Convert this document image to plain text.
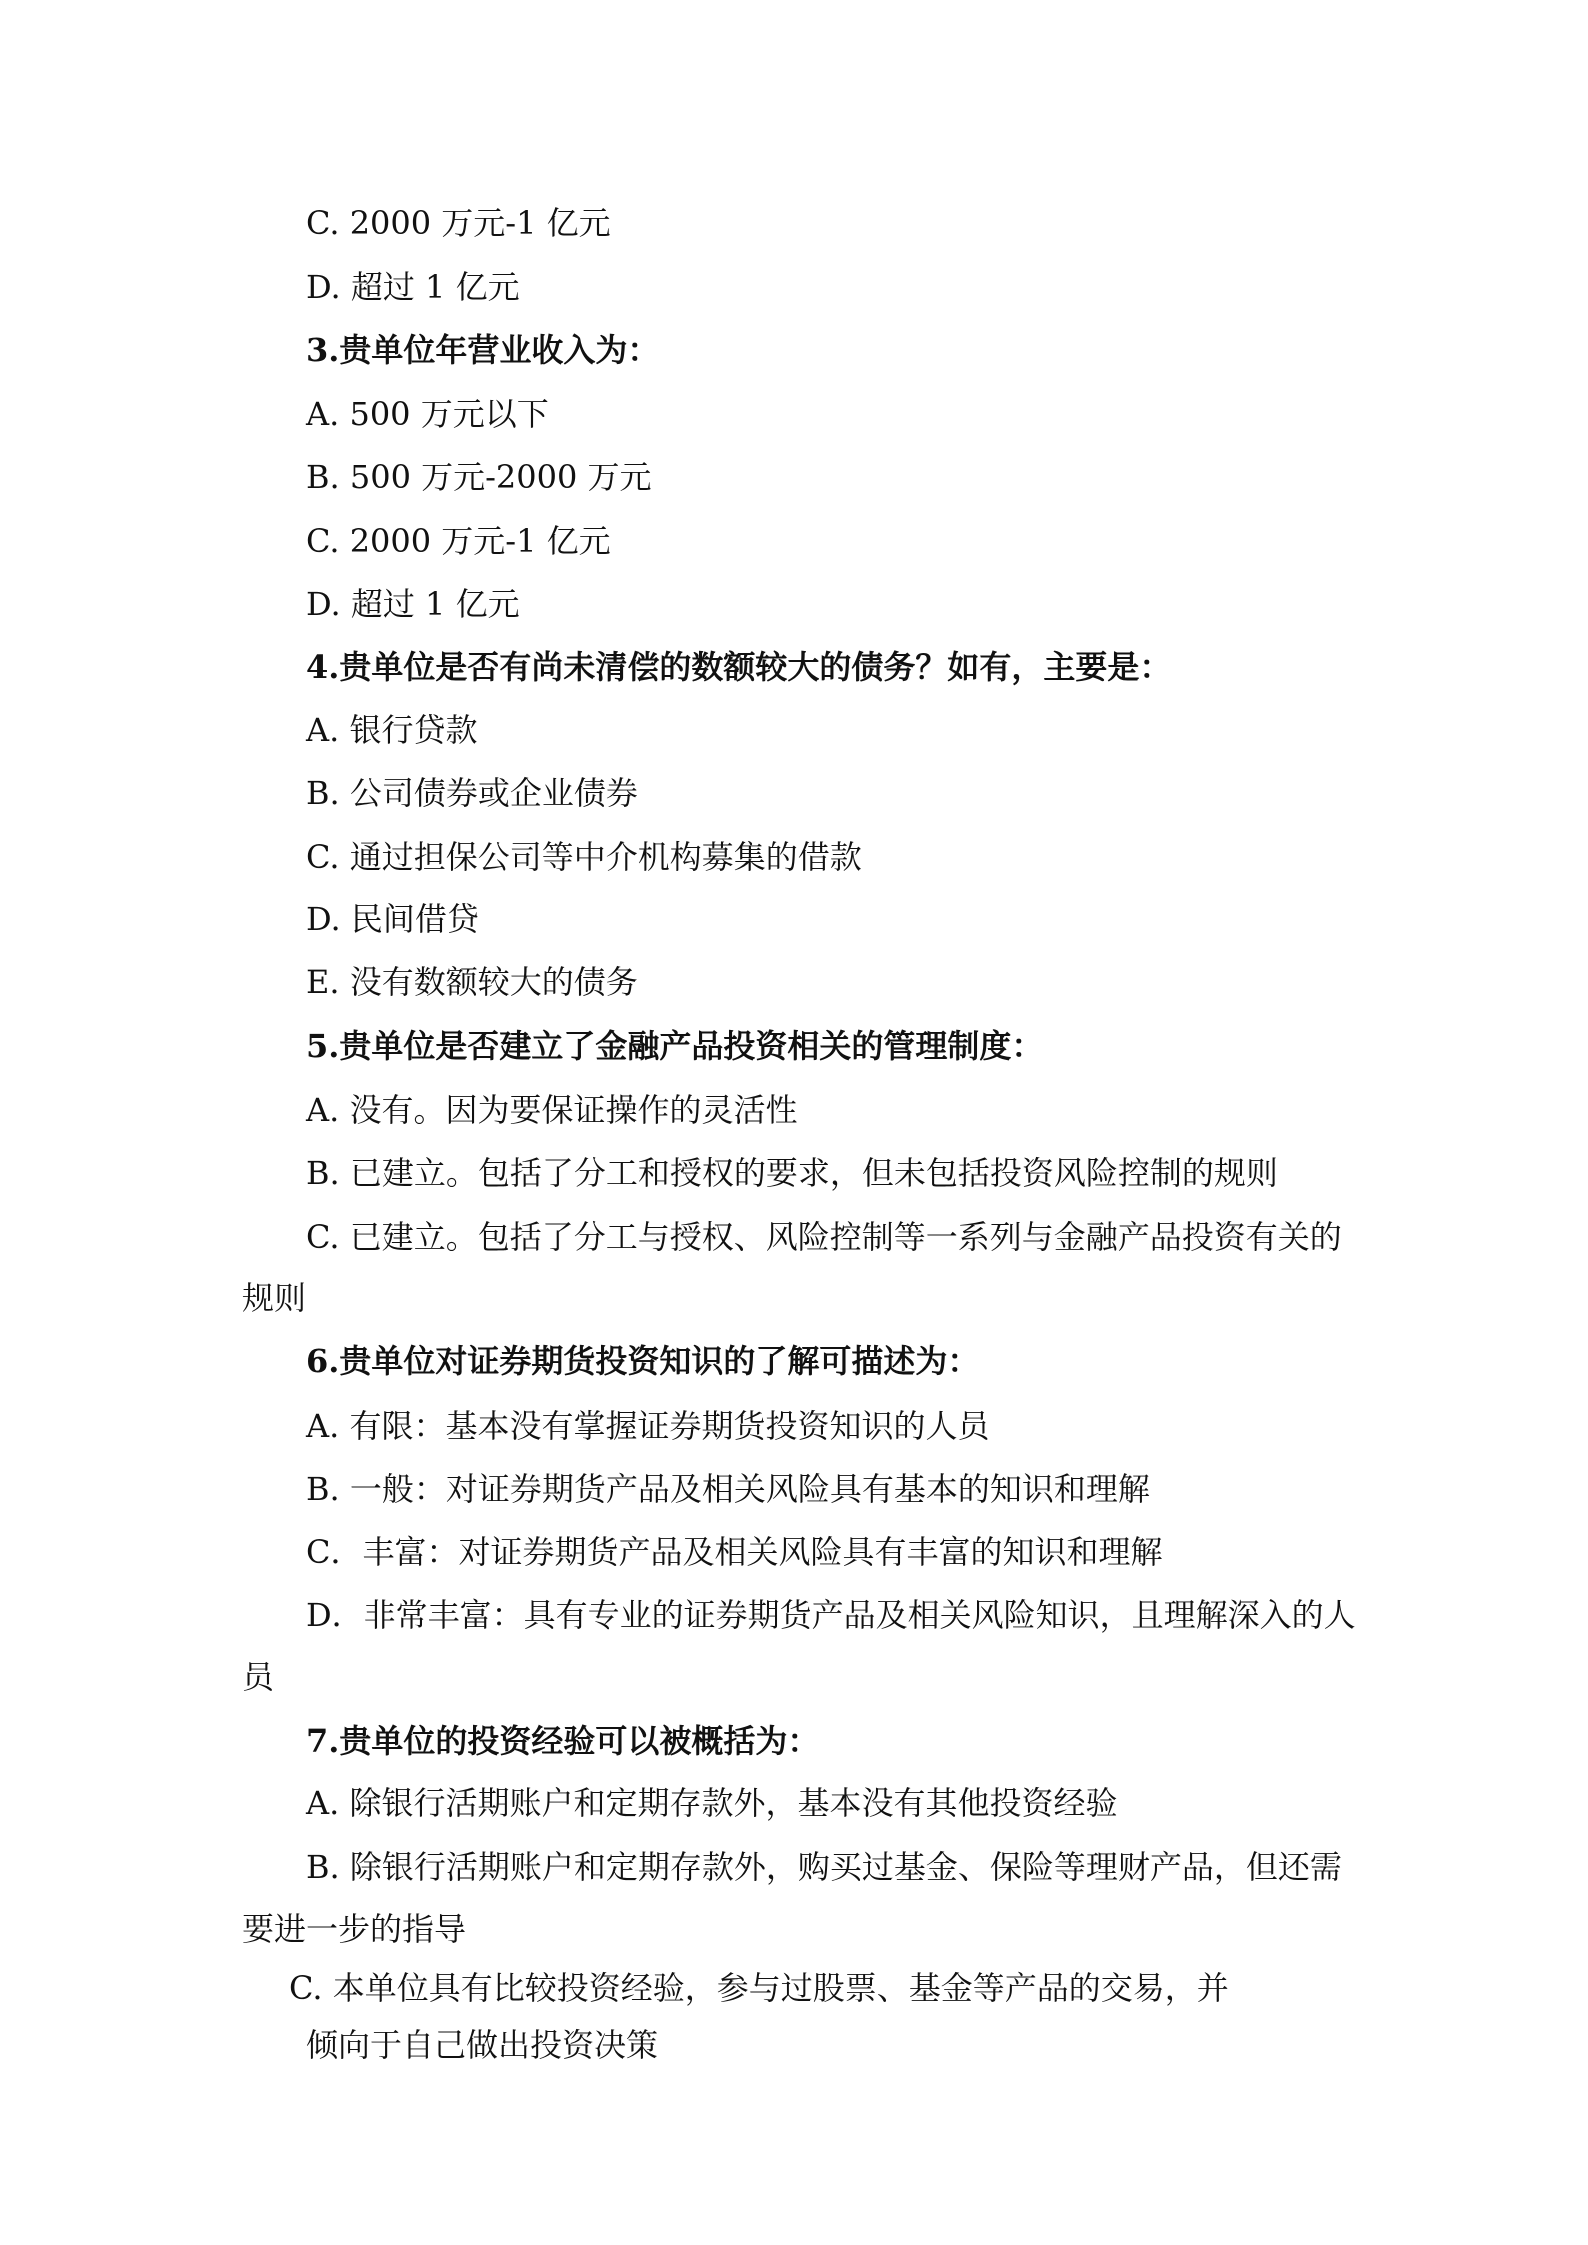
C. 2000 万元-1 亿元
D. 超过 1 亿元
3.贵单位年营业收入为：
A. 500 万元以下
B. 500 万元-2000 万元
C. 2000 万元-1 亿元
D. 超过 1 亿元
4.贵单位是否有尚未清偿的数额较大的债务？如有，主要是：
A. 银行贷款
B. 公司债券或企业债券
C. 通过担保公司等中介机构募集的借款
D. 民间借贷
E. 没有数额较大的债务
5.贵单位是否建立了金融产品投资相关的管理制度：
A. 没有。因为要保证操作的灵活性
B. 已建立。包括了分工和授权的要求，但未包括投资风险控制的规则
C. 已建立。包括了分工与授权、风险控制等一系列与金融产品投资有关的
规则
6.贵单位对证券期货投资知识的了解可描述为：
A. 有限：基本没有掌握证券期货投资知识的人员
B. 一般：对证券期货产品及相关风险具有基本的知识和理解
C．丰富：对证券期货产品及相关风险具有丰富的知识和理解
D．非常丰富：具有专业的证券期货产品及相关风险知识，且理解深入的人
员
7.贵单位的投资经验可以被概括为：
A. 除银行活期账户和定期存款外，基本没有其他投资经验
B. 除银行活期账户和定期存款外，购买过基金、保险等理财产品，但还需
要进一步的指导
C. 本单位具有比较投资经验，参与过股票、基金等产品的交易，并
倾向于自己做出投资决策
